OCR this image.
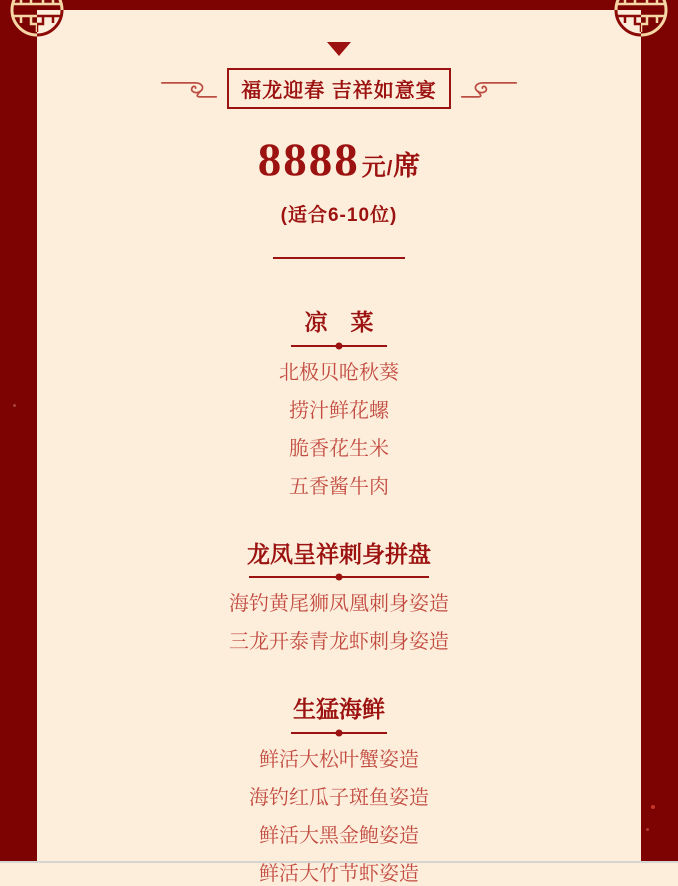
福龙迎春 吉祥如意宴
8888 元 / 席
(适合6-10位)
凉　菜
北极贝呛秋葵
捞汁鲜花螺
脆香花生米
五香酱牛肉
龙凤呈祥刺身拼盘
海钓黄尾狮凤凰刺身姿造
三龙开泰青龙虾刺身姿造
生猛海鲜
鲜活大松叶蟹姿造
海钓红瓜子斑鱼姿造
鲜活大黑金鲍姿造
鲜活大竹节虾姿造
